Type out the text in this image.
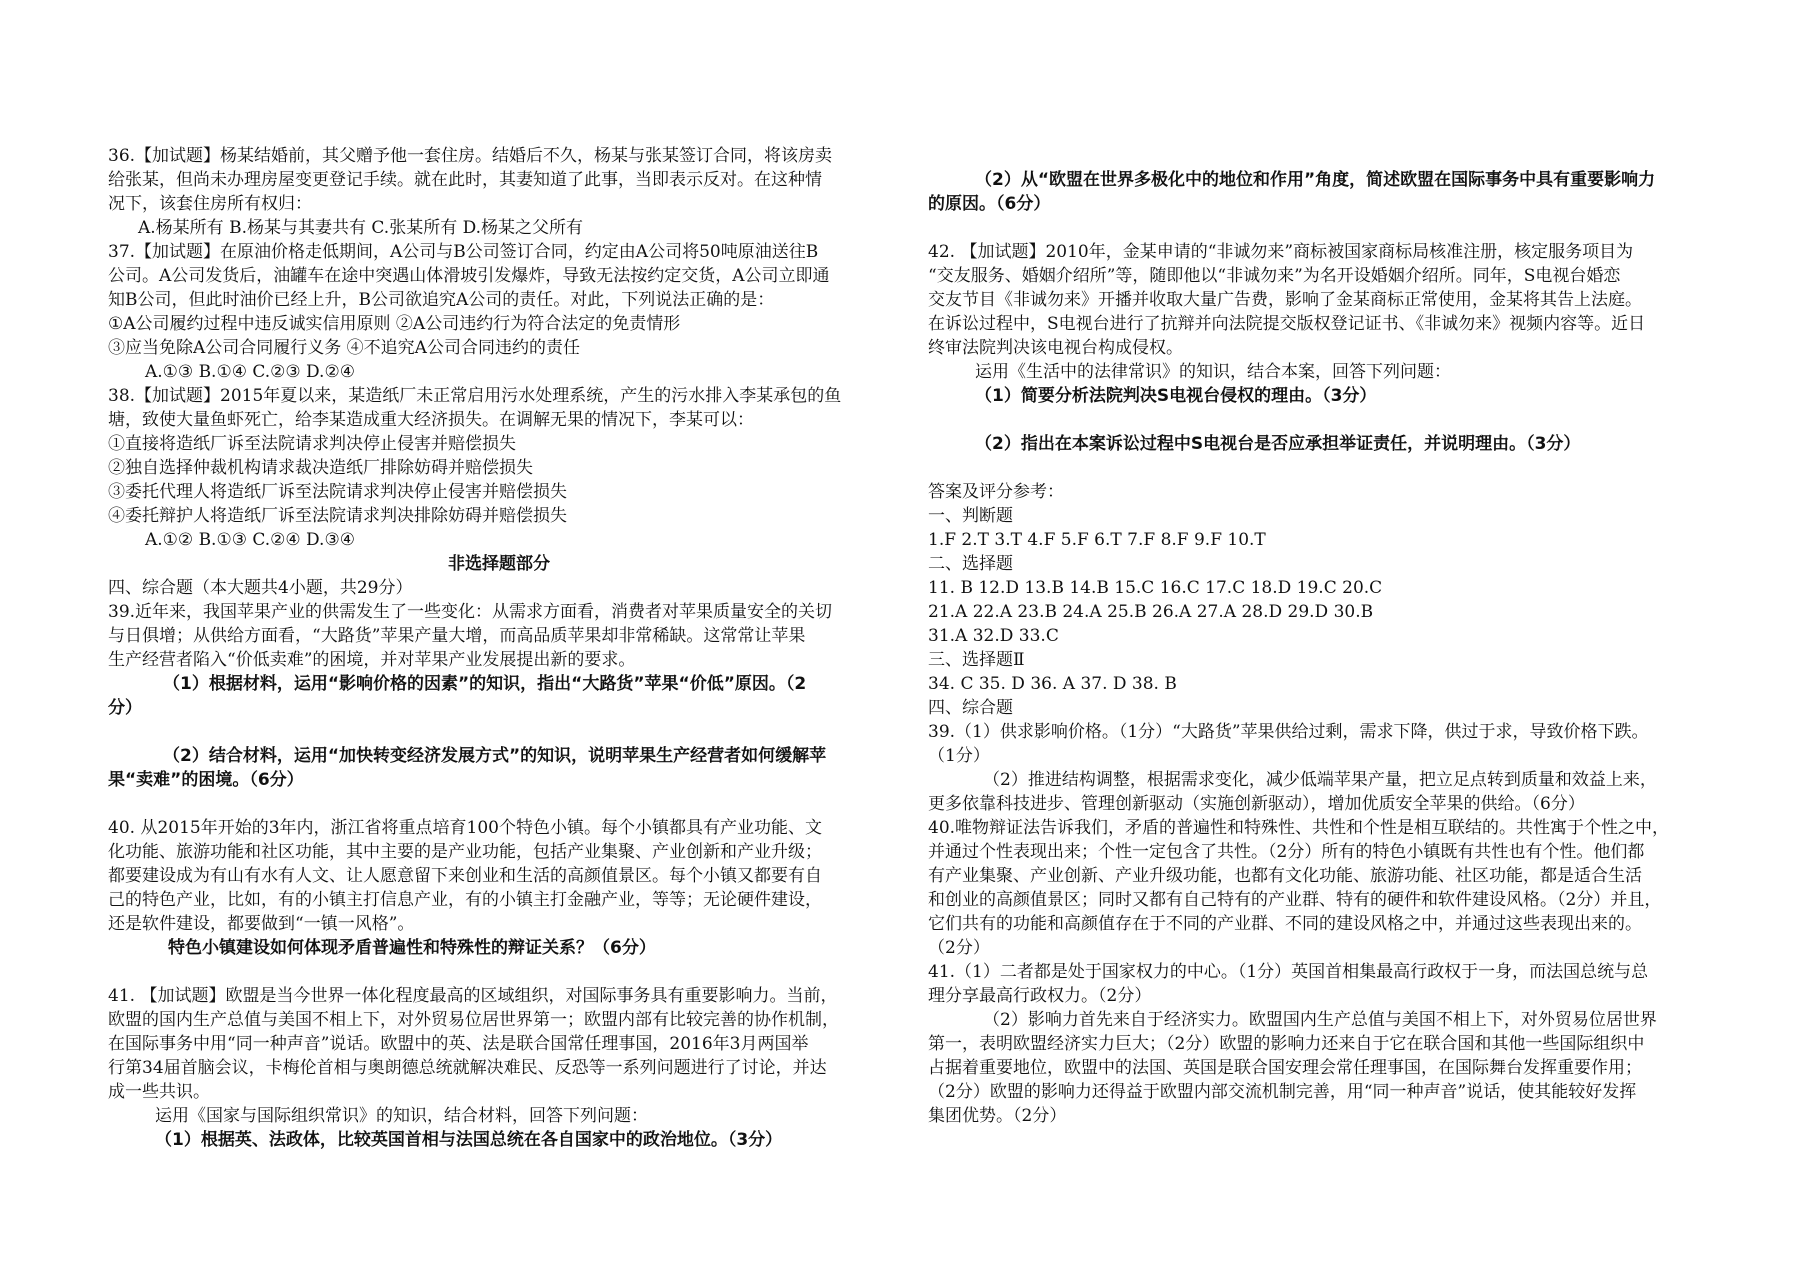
36.【加试题】杨某结婚前，其父赠予他一套住房。结婚后不久，杨某与张某签订合同，将该房卖
给张某，但尚未办理房屋变更登记手续。就在此时，其妻知道了此事，当即表示反对。在这种情
况下，该套住房所有权归：
A.杨某所有 B.杨某与其妻共有 C.张某所有 D.杨某之父所有
37.【加试题】在原油价格走低期间，A公司与B公司签订合同，约定由A公司将50吨原油送往B
公司。A公司发货后，油罐车在途中突遇山体滑坡引发爆炸，导致无法按约定交货，A公司立即通
知B公司，但此时油价已经上升，B公司欲追究A公司的责任。对此，下列说法正确的是：
①A公司履约过程中违反诚实信用原则 ②A公司违约行为符合法定的免责情形
③应当免除A公司合同履行义务 ④不追究A公司合同违约的责任
A.①③ B.①④ C.②③ D.②④
38.【加试题】2015年夏以来，某造纸厂未正常启用污水处理系统，产生的污水排入李某承包的鱼
塘，致使大量鱼虾死亡，给李某造成重大经济损失。在调解无果的情况下，李某可以：
①直接将造纸厂诉至法院请求判决停止侵害并赔偿损失
②独自选择仲裁机构请求裁决造纸厂排除妨碍并赔偿损失
③委托代理人将造纸厂诉至法院请求判决停止侵害并赔偿损失
④委托辩护人将造纸厂诉至法院请求判决排除妨碍并赔偿损失
A.①② B.①③ C.②④ D.③④
非选择题部分
四、综合题（本大题共4小题，共29分）
39.近年来，我国苹果产业的供需发生了一些变化：从需求方面看，消费者对苹果质量安全的关切
与日俱增；从供给方面看，“大路货”苹果产量大增，而高品质苹果却非常稀缺。这常常让苹果
生产经营者陷入“价低卖难”的困境，并对苹果产业发展提出新的要求。
（1）根据材料，运用“影响价格的因素”的知识，指出“大路货”苹果“价低”原因。（2
分）
（2）结合材料，运用“加快转变经济发展方式”的知识，说明苹果生产经营者如何缓解苹
果“卖难”的困境。（6分）
40. 从2015年开始的3年内，浙江省将重点培育100个特色小镇。每个小镇都具有产业功能、文
化功能、旅游功能和社区功能，其中主要的是产业功能，包括产业集聚、产业创新和产业升级；
都要建设成为有山有水有人文、让人愿意留下来创业和生活的高颜值景区。每个小镇又都要有自
己的特色产业，比如，有的小镇主打信息产业，有的小镇主打金融产业，等等；无论硬件建设，
还是软件建设，都要做到“一镇一风格”。
特色小镇建设如何体现矛盾普遍性和特殊性的辩证关系？（6分）
41. 【加试题】欧盟是当今世界一体化程度最高的区域组织，对国际事务具有重要影响力。当前，
欧盟的国内生产总值与美国不相上下，对外贸易位居世界第一；欧盟内部有比较完善的协作机制，
在国际事务中用“同一种声音”说话。欧盟中的英、法是联合国常任理事国，2016年3月两国举
行第34届首脑会议，卡梅伦首相与奥朗德总统就解决难民、反恐等一系列问题进行了讨论，并达
成一些共识。
运用《国家与国际组织常识》的知识，结合材料，回答下列问题：
（1）根据英、法政体，比较英国首相与法国总统在各自国家中的政治地位。（3分）
（2）从“欧盟在世界多极化中的地位和作用”角度，简述欧盟在国际事务中具有重要影响力
的原因。（6分）
42. 【加试题】2010年，金某申请的“非诚勿来”商标被国家商标局核准注册，核定服务项目为
“交友服务、婚姻介绍所”等，随即他以“非诚勿来”为名开设婚姻介绍所。同年，S电视台婚恋
交友节目《非诚勿来》开播并收取大量广告费，影响了金某商标正常使用，金某将其告上法庭。
在诉讼过程中，S电视台进行了抗辩并向法院提交版权登记证书、《非诚勿来》视频内容等。近日
终审法院判决该电视台构成侵权。
运用《生活中的法律常识》的知识，结合本案，回答下列问题：
（1）简要分析法院判决S电视台侵权的理由。（3分）
（2）指出在本案诉讼过程中S电视台是否应承担举证责任，并说明理由。（3分）
答案及评分参考：
一、判断题
1.F 2.T 3.T 4.F 5.F 6.T 7.F 8.F 9.F 10.T
二、选择题
11. B 12.D 13.B 14.B 15.C 16.C 17.C 18.D 19.C 20.C
21.A 22.A 23.B 24.A 25.B 26.A 27.A 28.D 29.D 30.B
31.A 32.D 33.C
三、选择题Ⅱ
34. C 35. D 36. A 37. D 38. B
四、综合题
39.（1）供求影响价格。（1分）“大路货”苹果供给过剩，需求下降，供过于求，导致价格下跌。
（1分）
（2）推进结构调整，根据需求变化，减少低端苹果产量，把立足点转到质量和效益上来，
更多依靠科技进步、管理创新驱动（实施创新驱动），增加优质安全苹果的供给。（6分）
40.唯物辩证法告诉我们，矛盾的普遍性和特殊性、共性和个性是相互联结的。共性寓于个性之中，
并通过个性表现出来；个性一定包含了共性。（2分）所有的特色小镇既有共性也有个性。他们都
有产业集聚、产业创新、产业升级功能，也都有文化功能、旅游功能、社区功能，都是适合生活
和创业的高颜值景区；同时又都有自己特有的产业群、特有的硬件和软件建设风格。（2分）并且，
它们共有的功能和高颜值存在于不同的产业群、不同的建设风格之中，并通过这些表现出来的。
（2分）
41.（1）二者都是处于国家权力的中心。（1分）英国首相集最高行政权于一身，而法国总统与总
理分享最高行政权力。（2分）
（2）影响力首先来自于经济实力。欧盟国内生产总值与美国不相上下，对外贸易位居世界
第一，表明欧盟经济实力巨大；（2分）欧盟的影响力还来自于它在联合国和其他一些国际组织中
占据着重要地位，欧盟中的法国、英国是联合国安理会常任理事国，在国际舞台发挥重要作用；
（2分）欧盟的影响力还得益于欧盟内部交流机制完善，用“同一种声音”说话，使其能较好发挥
集团优势。（2分）
